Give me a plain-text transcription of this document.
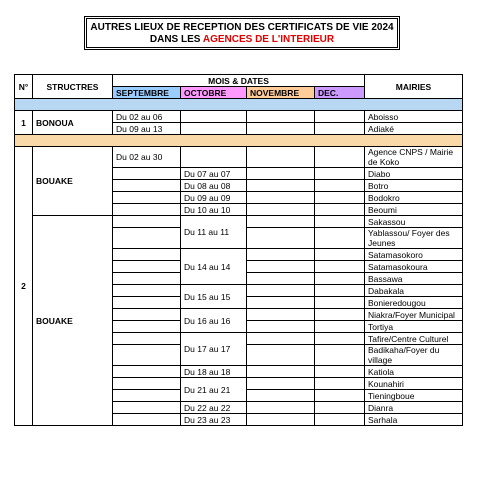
AUTRES LIEUX DE RECEPTION DES CERTIFICATS DE VIE 2024
DANS LES AGENCES DE L'INTERIEUR
N°	STRUCTRES	MOIS & DATES				MAIRIES
		SEPTEMBRE	OCTOBRE	NOVEMBRE	DEC.	

1	BONOUA	Du 02 au 06				Aboisso
		Du 09 au 13				Adiaké

2	BOUAKE	Du 02 au 30				Agence CNPS / Mairie de Koko

			Du 07 au 07			Diabo
			Du 08 au 08			Botro
			Du 09 au 09			Bodokro
			Du 10 au 10			Beoumi
	BOUAKE		Du 11 au 11			Sakassou
						Yablassou/ Foyer des Jeunes

			Du 14 au 14			Satamasokoro
						Satamasokoura
						Bassawa
			Du 15 au 15			Dabakala
						Bonieredougou
			Du 16 au 16			Niakra/Foyer Municipal

						Tortiya
			Du 17 au 17			Tafire/Centre Culturel

						Badikaha/Foyer du village

			Du 18 au 18			Katiola
			Du 21 au 21			Kounahiri
						Tieningboue
			Du 22 au 22			Dianra
			Du 23 au 23			Sarhala
